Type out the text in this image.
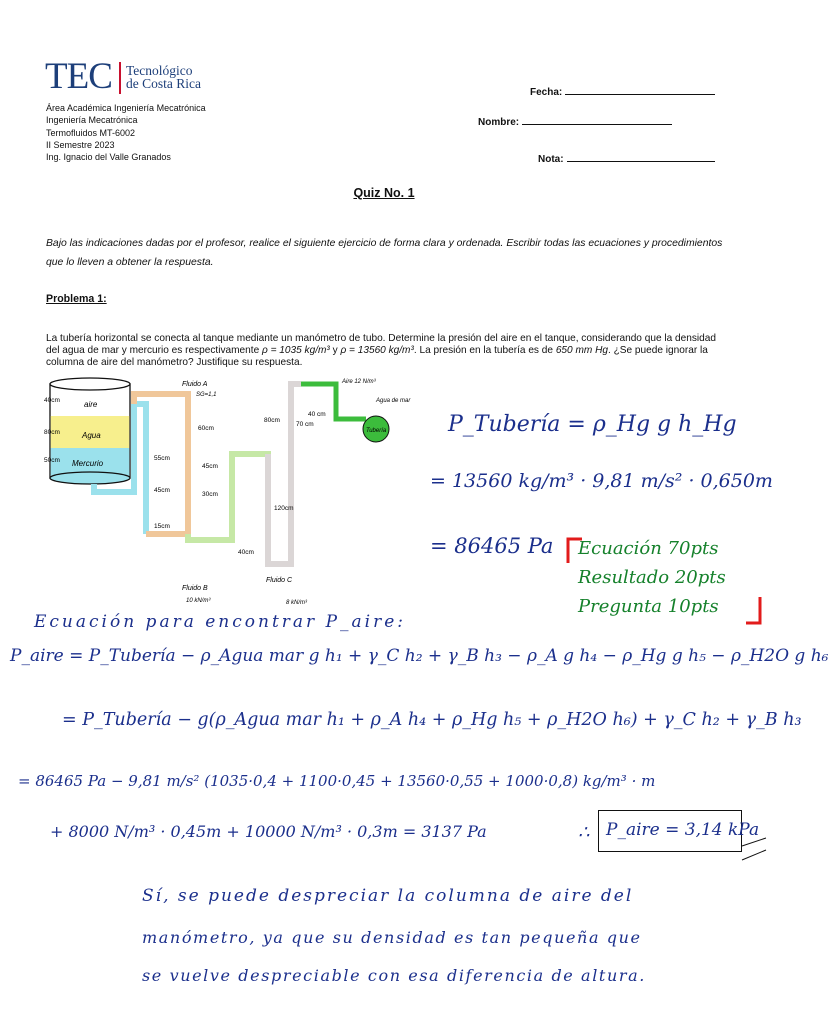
TEC Tecnológico
de Costa Rica
Área Académica Ingeniería Mecatrónica
Ingeniería Mecatrónica
Termofluidos MT-6002
II Semestre 2023
Ing. Ignacio del Valle Granados
Fecha:
Nombre:
Nota:
Quiz No. 1
Bajo las indicaciones dadas por el profesor, realice el siguiente ejercicio de forma clara y ordenada. Escribir todas las ecuaciones y procedimientos que lo lleven a obtener la respuesta.
Problema 1:
La tubería horizontal se conecta al tanque mediante un manómetro de tubo. Determine la presión del aire en el tanque, considerando que la densidad del agua de mar y mercurio es respectivamente ρ = 1035 kg/m³ y ρ = 13560 kg/m³. La presión en la tubería es de 650 mm Hg. ¿Se puede ignorar la columna de aire del manómetro? Justifique su respuesta.
aire
Agua
Mercurio
40cm
80cm
50cm
Tubería
Fluido A
SG=1,1
60cm
55cm
45cm
45cm
30cm
15cm
40cm
120cm
Fluido B
10 kN/m³
Fluido C
8 kN/m³
Aire 12 N/m³
80cm
40 cm
70 cm
Agua de mar
P_Tubería = ρ_Hg g h_Hg
= 13560 kg/m³ · 9,81 m/s² · 0,650m
= 86465 Pa Ecuación 70pts
Resultado 20pts
Pregunta 10pts
Ecuación para encontrar P_aire:
P_aire = P_Tubería − ρ_Agua mar g h₁ + γ_C h₂ + γ_B h₃ − ρ_A g h₄ − ρ_Hg g h₅ − ρ_H2O g h₆
= P_Tubería − g(ρ_Agua mar h₁ + ρ_A h₄ + ρ_Hg h₅ + ρ_H2O h₆) + γ_C h₂ + γ_B h₃
= 86465 Pa − 9,81 m/s² (1035·0,4 + 1100·0,45 + 13560·0,55 + 1000·0,8) kg/m³ · m
+ 8000 N/m³ · 0,45m + 10000 N/m³ · 0,3m = 3137 Pa	∴ P_aire = 3,14 kPa
Sí, se puede despreciar la columna de aire del
manómetro, ya que su densidad es tan pequeña que
se vuelve despreciable con esa diferencia de altura.
